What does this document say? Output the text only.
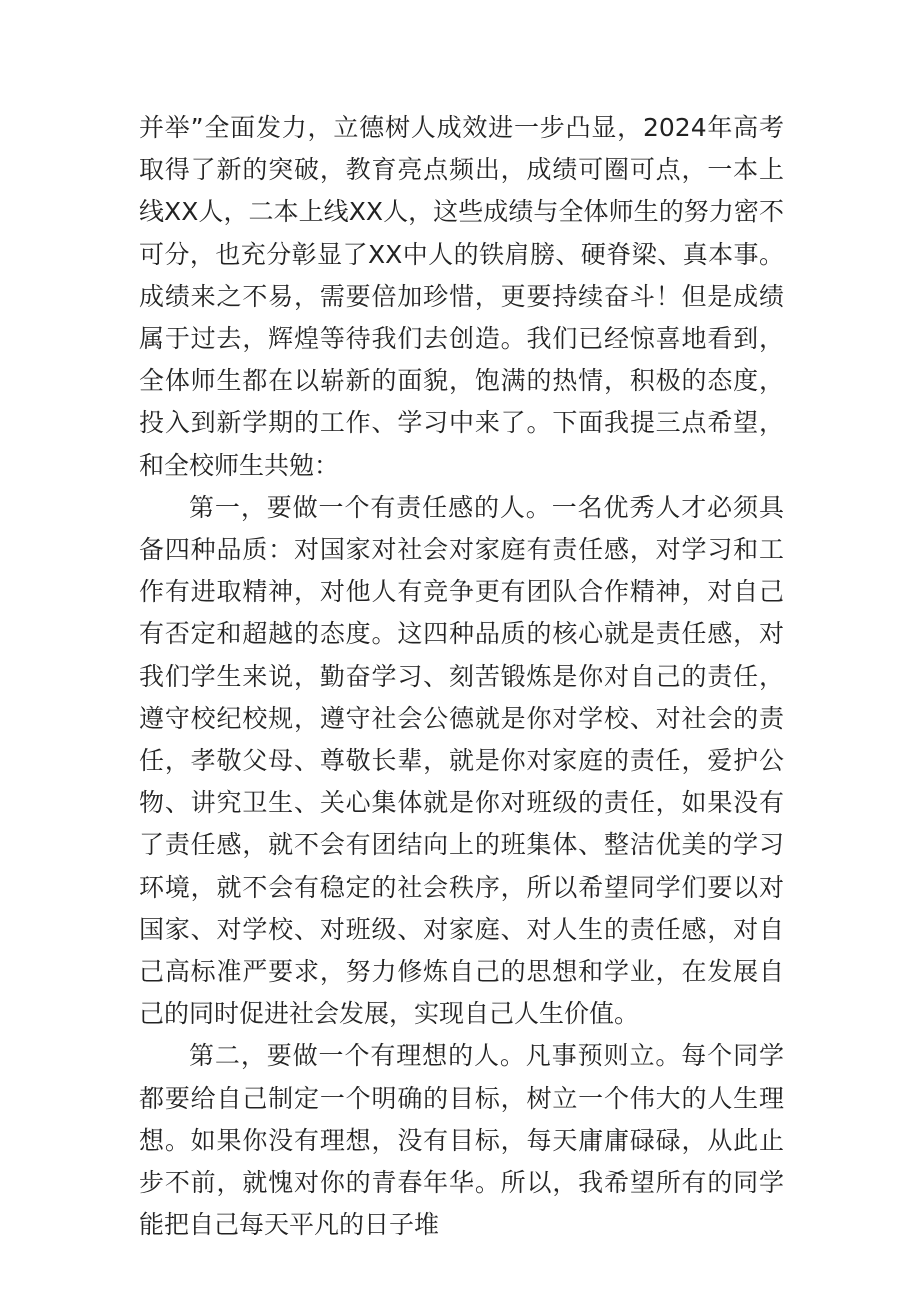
并举”全面发力，立德树人成效进一步凸显，2024年高考取得了新的突破，教育亮点频出，成绩可圈可点，一本上线XX人，二本上线XX人，这些成绩与全体师生的努力密不可分，也充分彰显了XX中人的铁肩膀、硬脊梁、真本事。成绩来之不易，需要倍加珍惜，更要持续奋斗！但是成绩属于过去，辉煌等待我们去创造。我们已经惊喜地看到，全体师生都在以崭新的面貌，饱满的热情，积极的态度，投入到新学期的工作、学习中来了。下面我提三点希望，和全校师生共勉：

第一，要做一个有责任感的人。一名优秀人才必须具备四种品质：对国家对社会对家庭有责任感，对学习和工作有进取精神，对他人有竞争更有团队合作精神，对自己有否定和超越的态度。这四种品质的核心就是责任感，对我们学生来说，勤奋学习、刻苦锻炼是你对自己的责任，遵守校纪校规，遵守社会公德就是你对学校、对社会的责任，孝敬父母、尊敬长辈，就是你对家庭的责任，爱护公物、讲究卫生、关心集体就是你对班级的责任，如果没有了责任感，就不会有团结向上的班集体、整洁优美的学习环境，就不会有稳定的社会秩序，所以希望同学们要以对国家、对学校、对班级、对家庭、对人生的责任感，对自己高标准严要求，努力修炼自己的思想和学业，在发展自己的同时促进社会发展，实现自己人生价值。

第二，要做一个有理想的人。凡事预则立。每个同学都要给自己制定一个明确的目标，树立一个伟大的人生理想。如果你没有理想，没有目标，每天庸庸碌碌，从此止步不前，就愧对你的青春年华。所以，我希望所有的同学能把自己每天平凡的日子堆
